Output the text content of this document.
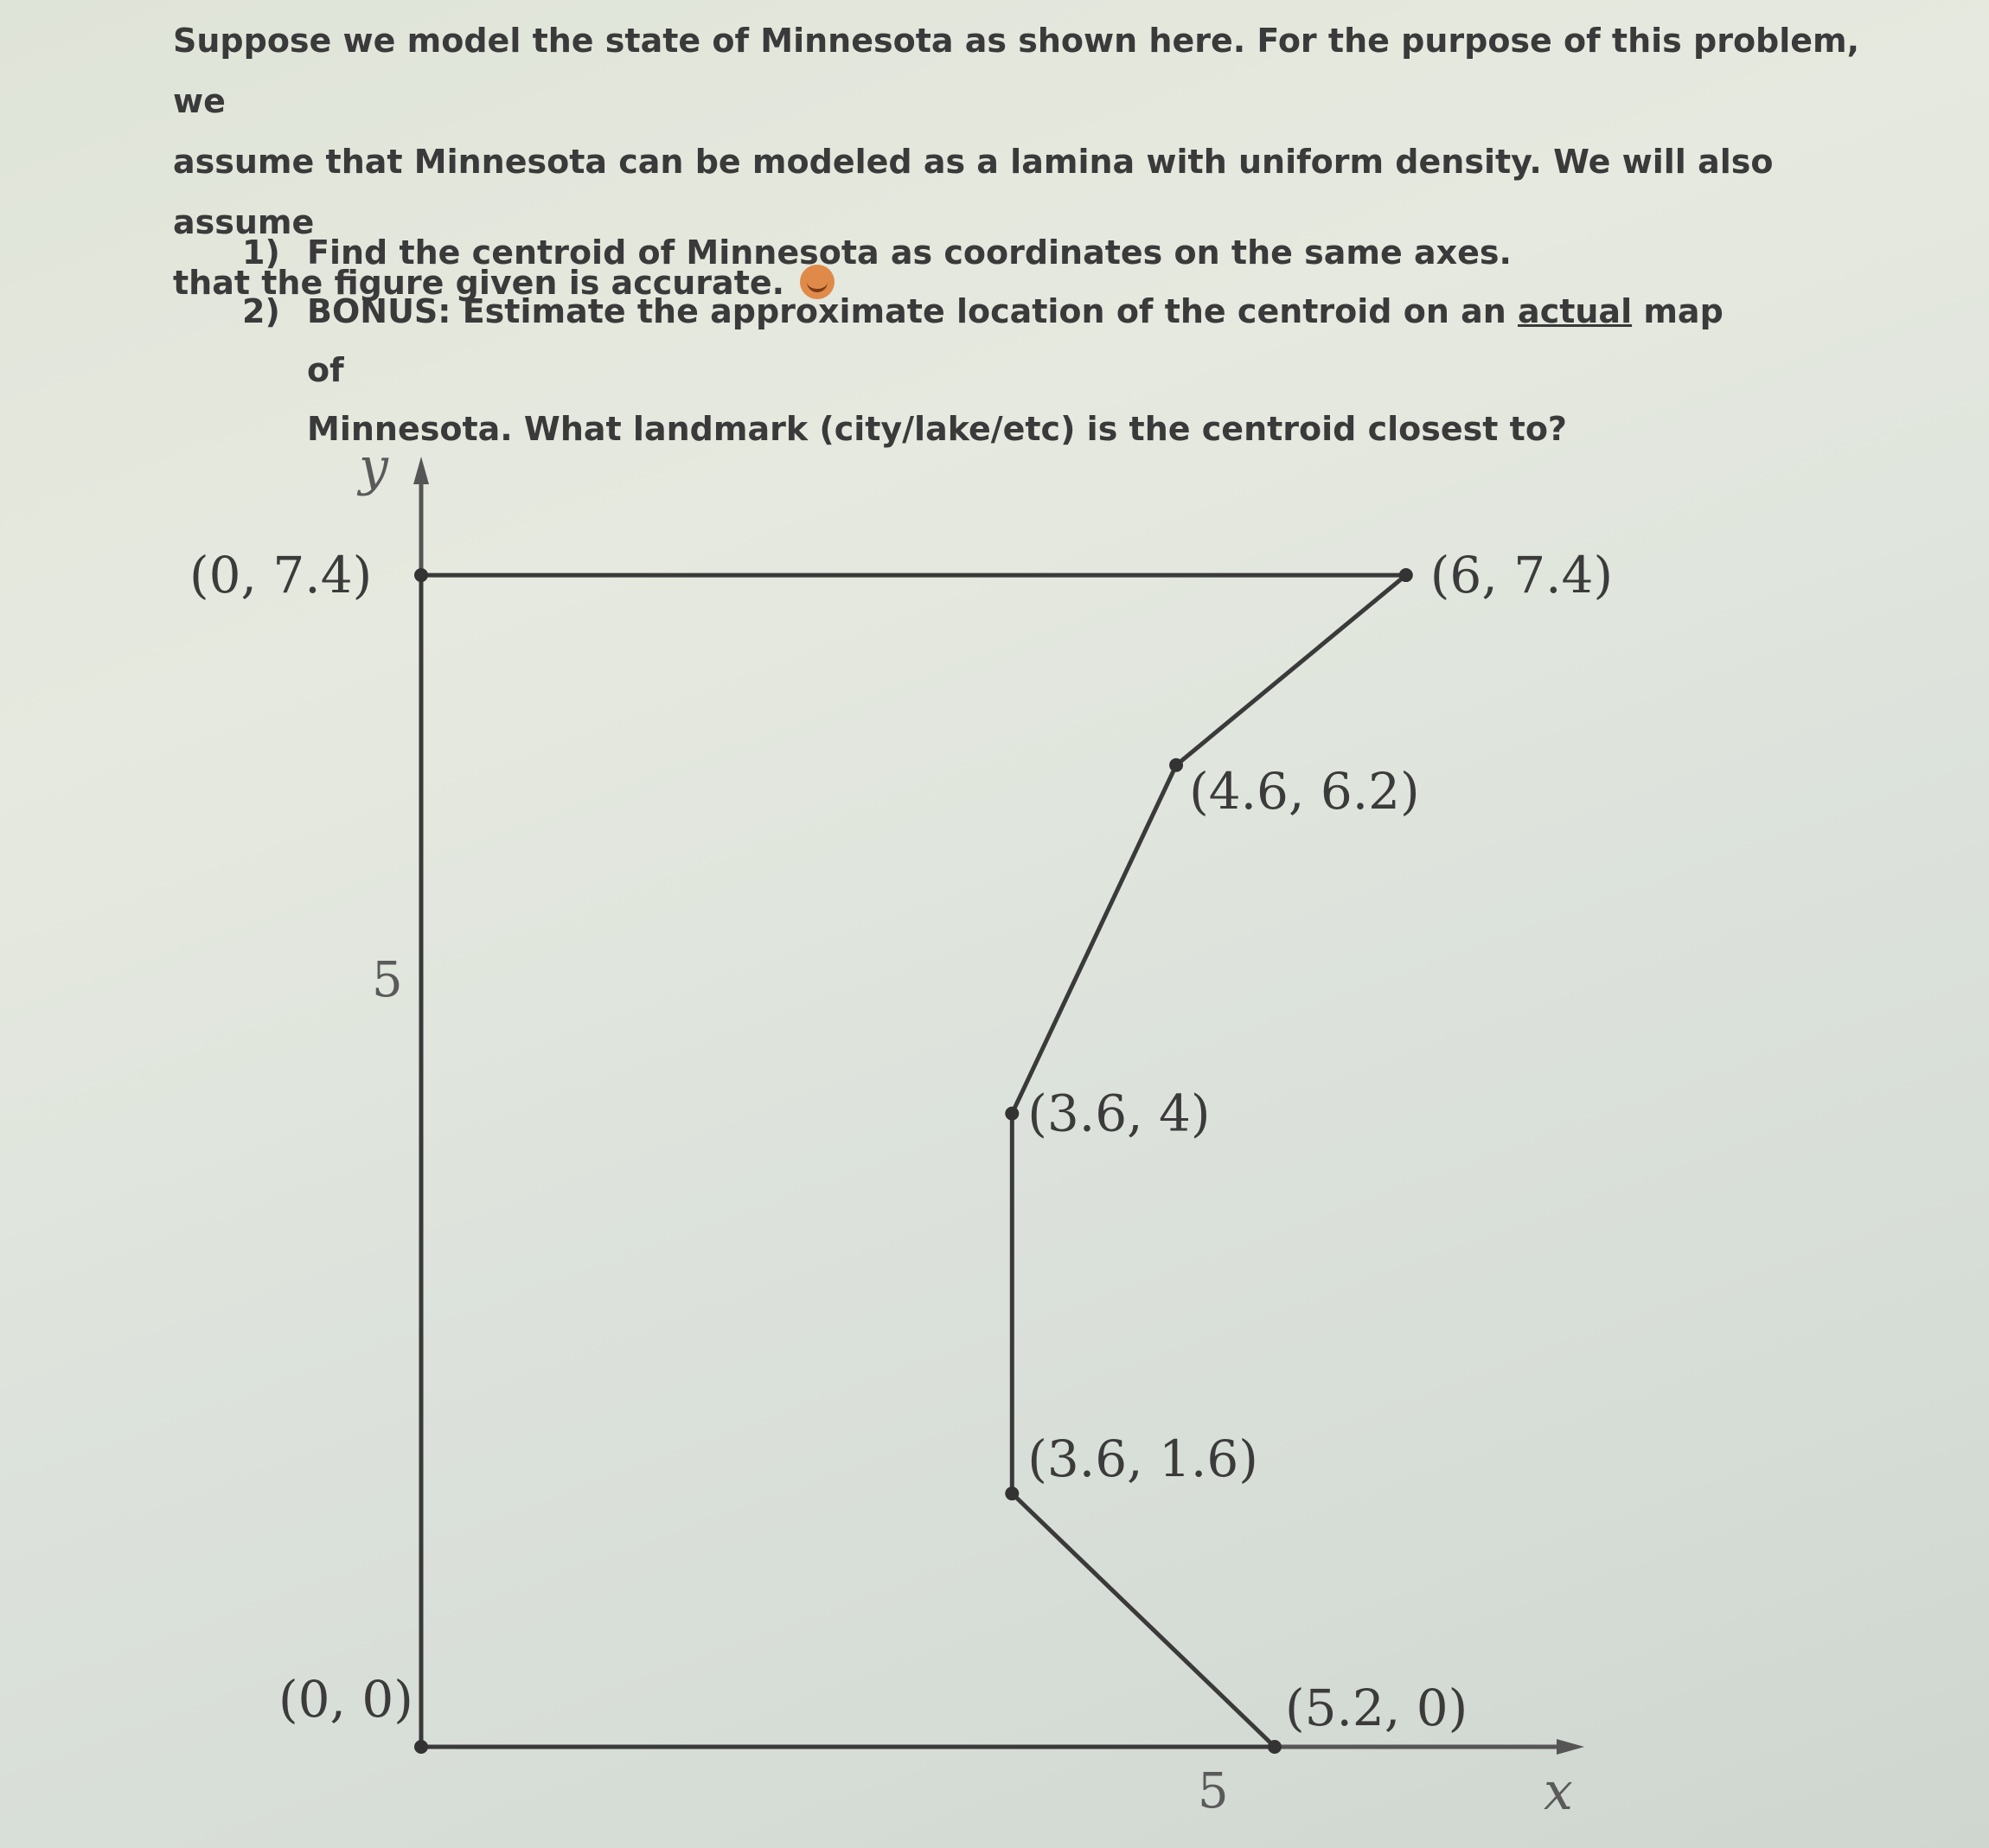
Suppose we model the state of Minnesota as shown here. For the purpose of this problem, we

assume that Minnesota can be modeled as a lamina with uniform density. We will also assume

that the figure given is accurate.

1) Find the centroid of Minnesota as coordinates on the same axes.
2) BONUS: Estimate the approximate location of the centroid on an actual map of
Minnesota. What landmark (city/lake/etc) is the centroid closest to?
y
x
5
5
(0, 0)	(5.2, 0)
(3.6, 1.6)
(3.6, 4)
(4.6, 6.2)
(6, 7.4)
(0, 7.4)
